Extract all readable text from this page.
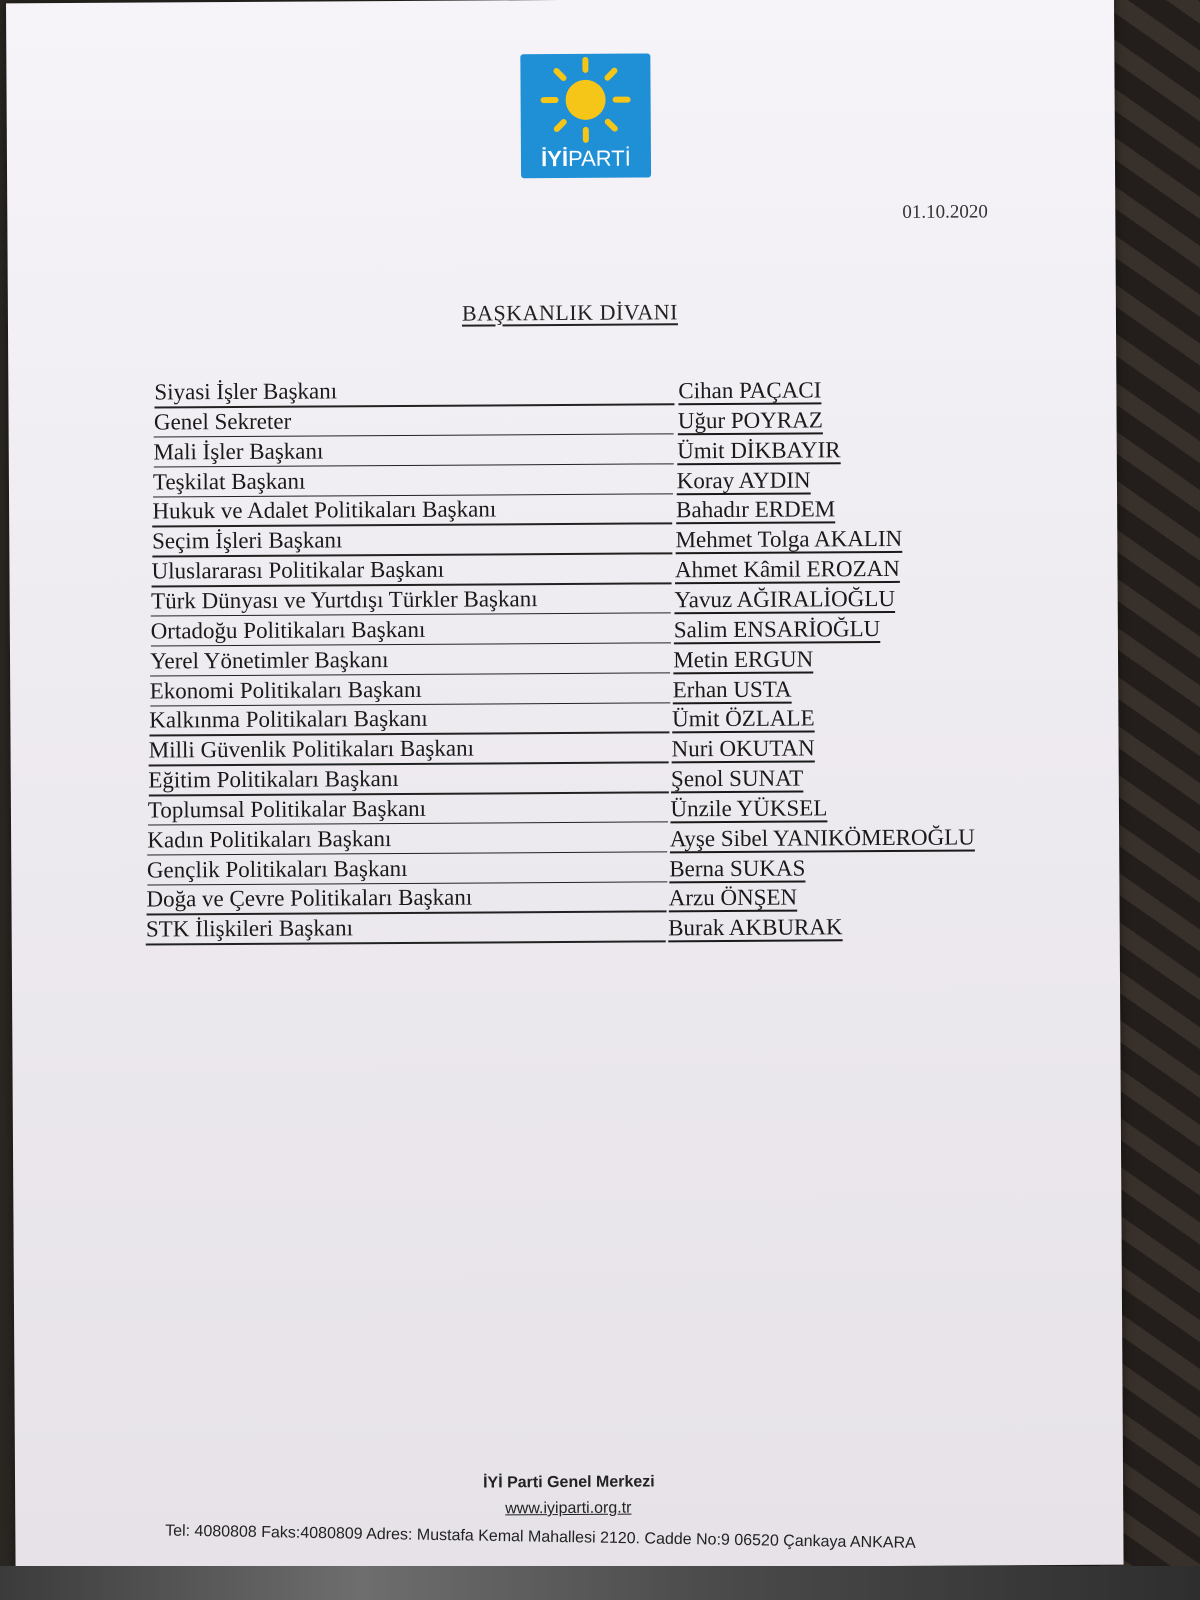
İYİPARTİ
01.10.2020
BAŞKANLIK DİVANI
Siyasi İşler Başkanı	Cihan PAÇACI
Genel Sekreter	Uğur POYRAZ
Mali İşler Başkanı	Ümit DİKBAYIR
Teşkilat Başkanı	Koray AYDIN
Hukuk ve Adalet Politikaları Başkanı	Bahadır ERDEM
Seçim İşleri Başkanı	Mehmet Tolga AKALIN
Uluslararası Politikalar Başkanı	Ahmet Kâmil EROZAN
Türk Dünyası ve Yurtdışı Türkler Başkanı	Yavuz AĞIRALİOĞLU
Ortadoğu Politikaları Başkanı	Salim ENSARİOĞLU
Yerel Yönetimler Başkanı	Metin ERGUN
Ekonomi Politikaları Başkanı	Erhan USTA
Kalkınma Politikaları Başkanı	Ümit ÖZLALE
Milli Güvenlik Politikaları Başkanı	Nuri OKUTAN
Eğitim Politikaları Başkanı	Şenol SUNAT
Toplumsal Politikalar Başkanı	Ünzile YÜKSEL
Kadın Politikaları Başkanı	Ayşe Sibel YANIKÖMEROĞLU
Gençlik Politikaları Başkanı	Berna SUKAS
Doğa ve Çevre Politikaları Başkanı	Arzu ÖNŞEN
STK İlişkileri Başkanı	Burak AKBURAK
İYİ Parti Genel Merkezi
www.iyiparti.org.tr
Tel: 4080808 Faks:4080809 Adres: Mustafa Kemal Mahallesi 2120. Cadde No:9 06520 Çankaya ANKARA
